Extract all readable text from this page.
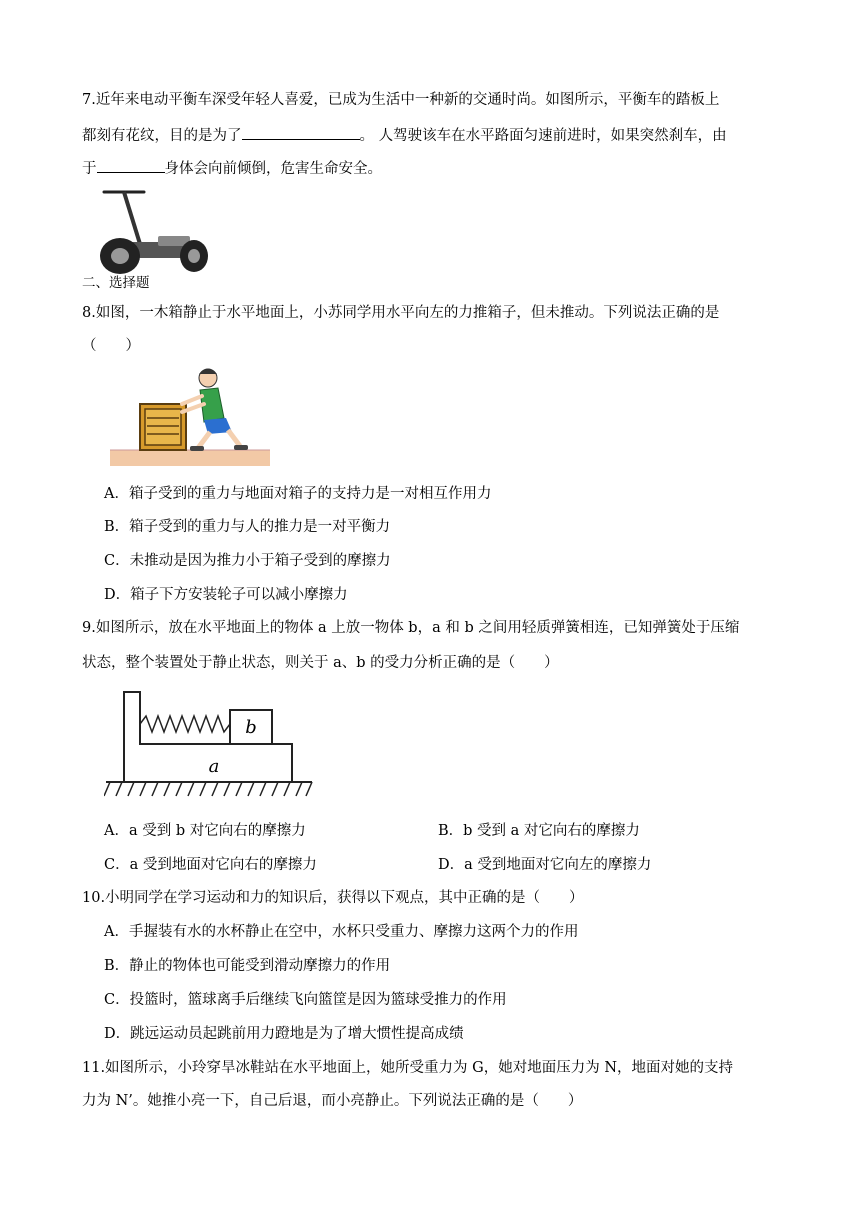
7.近年来电动平衡车深受年轻人喜爱，已成为生活中一种新的交通时尚。如图所示，平衡车的踏板上
都刻有花纹，目的是为了	。 人驾驶该车在水平路面匀速前进时，如果突然刹车，由
于	身体会向前倾倒，危害生命安全。
二、选择题
8.如图，一木箱静止于水平地面上，小苏同学用水平向左的力推箱子，但未推动。下列说法正确的是
（　　）
A．箱子受到的重力与地面对箱子的支持力是一对相互作用力
B．箱子受到的重力与人的推力是一对平衡力
C．未推动是因为推力小于箱子受到的摩擦力
D．箱子下方安装轮子可以减小摩擦力
9.如图所示，放在水平地面上的物体 a 上放一物体 b，a 和 b 之间用轻质弹簧相连，已知弹簧处于压缩
状态，整个装置处于静止状态，则关于 a、b 的受力分析正确的是（　　）
b
a
A．a 受到 b 对它向右的摩擦力	B．b 受到 a 对它向右的摩擦力
C．a 受到地面对它向右的摩擦力	D．a 受到地面对它向左的摩擦力
10.小明同学在学习运动和力的知识后，获得以下观点，其中正确的是（　　）
A．手握装有水的水杯静止在空中，水杯只受重力、摩擦力这两个力的作用
B．静止的物体也可能受到滑动摩擦力的作用
C．投篮时，篮球离手后继续飞向篮筐是因为篮球受推力的作用
D．跳远运动员起跳前用力蹬地是为了增大惯性提高成绩
11.如图所示，小玲穿旱冰鞋站在水平地面上，她所受重力为 G，她对地面压力为 N，地面对她的支持
力为 N’。她推小亮一下，自己后退，而小亮静止。下列说法正确的是（　　）
